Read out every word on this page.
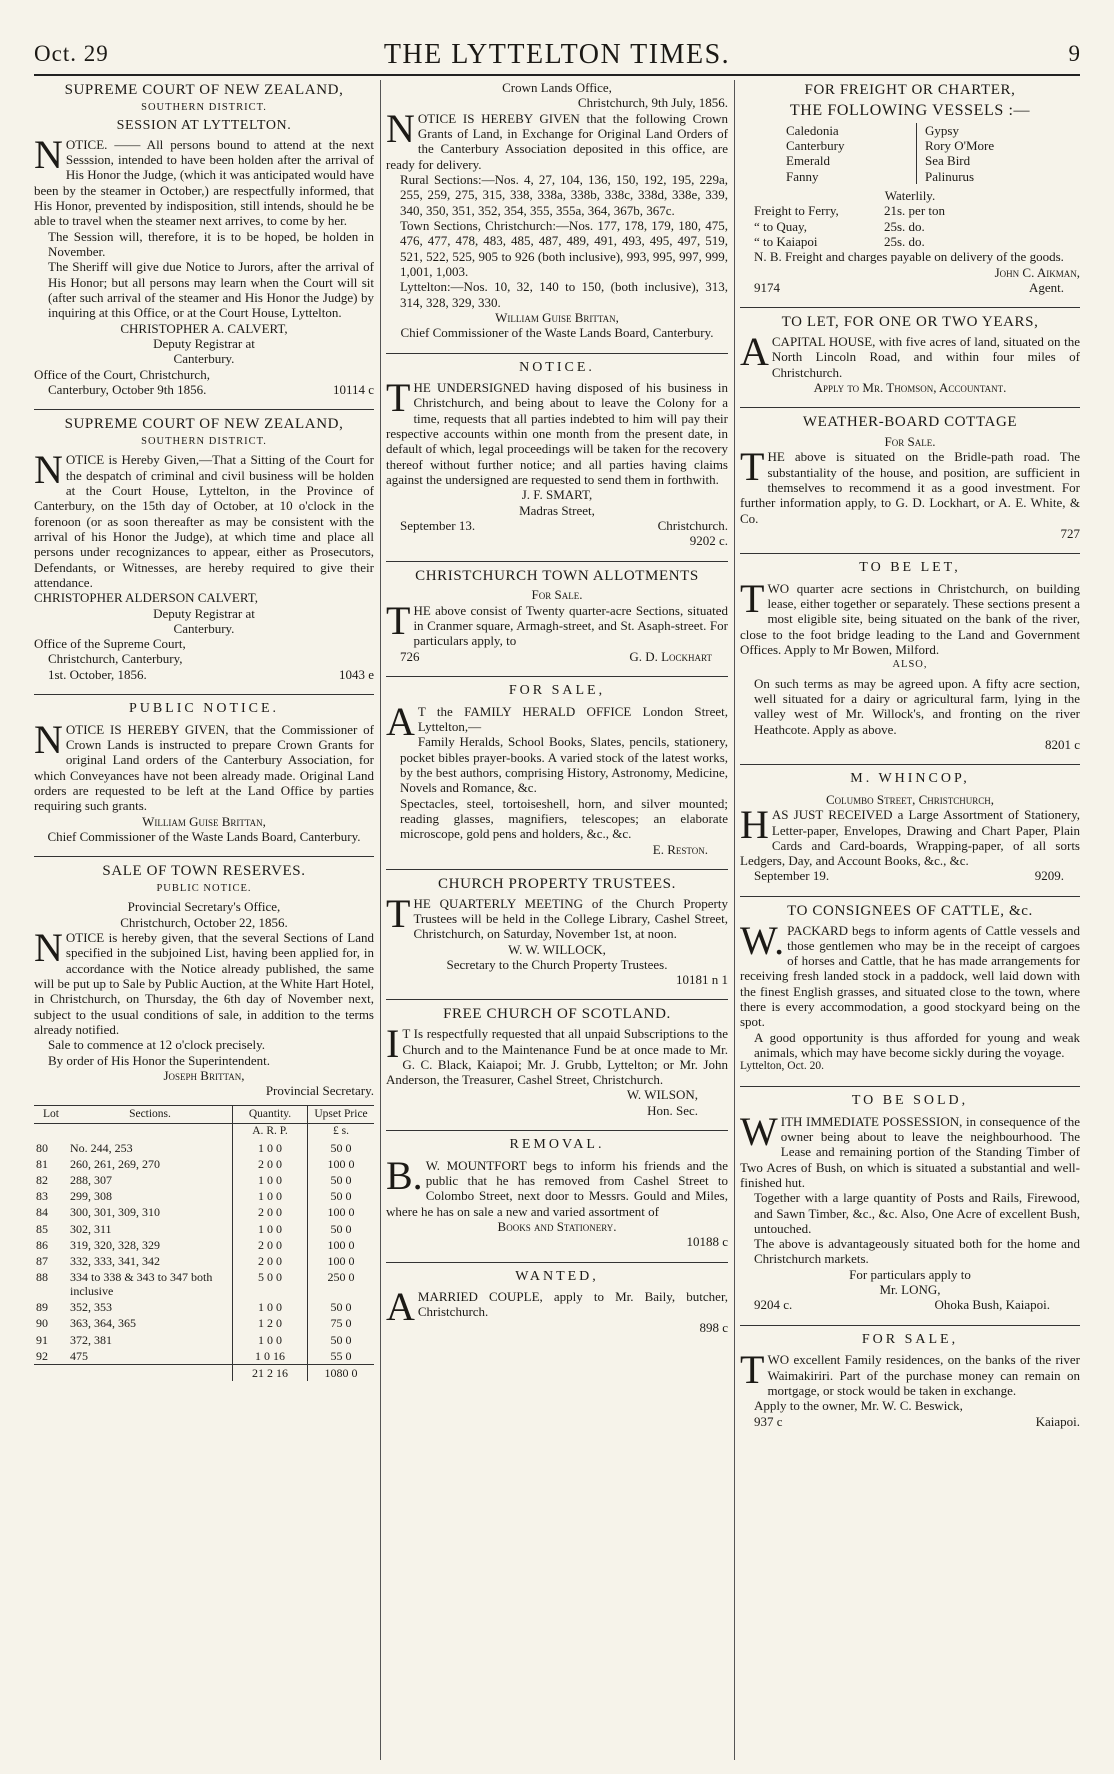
Oct. 29	THE LYTTELTON TIMES.	9
SUPREME COURT OF NEW ZEALAND,
SOUTHERN DISTRICT.
SESSION AT LYTTELTON.

NOTICE. —— All persons bound to attend at the next Sesssion, intended to have been holden after the arrival of His Honor the Judge, (which it was anticipated would have been by the steamer in October,) are respectfully informed, that His Honor, prevented by indisposition, still intends, should he be able to travel when the steamer next arrives, to come by her.

The Session will, therefore, it is to be hoped, be holden in November.

The Sheriff will give due Notice to Jurors, after the arrival of His Honor; but all persons may learn when the Court will sit (after such arrival of the steamer and His Honor the Judge) by inquiring at this Office, or at the Court House, Lyttelton.

CHRISTOPHER A. CALVERT,
Deputy Registrar at
Canterbury.
Office of the Court, Christchurch,
Canterbury, October 9th 1856.	10114 c
SUPREME COURT OF NEW ZEALAND,
SOUTHERN DISTRICT.

NOTICE is Hereby Given,—That a Sitting of the Court for the despatch of criminal and civil business will be holden at the Court House, Lyttelton, in the Province of Canterbury, on the 15th day of October, at 10 o'clock in the forenoon (or as soon thereafter as may be consistent with the arrival of his Honor the Judge), at which time and place all persons under recognizances to appear, either as Prosecutors, Defendants, or Witnesses, are hereby required to give their attendance.

CHRISTOPHER ALDERSON CALVERT,
Deputy Registrar at
Canterbury.
Office of the Supreme Court,
Christchurch, Canterbury,
1st. October, 1856.	1043 e
PUBLIC NOTICE.

NOTICE IS HEREBY GIVEN, that the Commissioner of Crown Lands is instructed to prepare Crown Grants for original Land orders of the Canterbury Association, for which Conveyances have not been already made. Original Land orders are requested to be left at the Land Office by parties requiring such grants.

William Guise Brittan,
Chief Commissioner of the Waste Lands Board, Canterbury.
SALE OF TOWN RESERVES.
PUBLIC NOTICE.
Provincial Secretary's Office,
Christchurch, October 22, 1856.

NOTICE is hereby given, that the several Sections of Land specified in the subjoined List, having been applied for, in accordance with the Notice already published, the same will be put up to Sale by Public Auction, at the White Hart Hotel, in Christchurch, on Thursday, the 6th day of November next, subject to the usual conditions of sale, in addition to the terms already notified.

Sale to commence at 12 o'clock precisely.

By order of His Honor the Superintendent.

Joseph Brittan,
Provincial Secretary.
Lot	Sections.	Quantity.	Upset Price
		A. R. P.	£ s.
80	No. 244, 253	1 0 0	50 0
81	260, 261, 269, 270	2 0 0	100 0
82	288, 307	1 0 0	50 0
83	299, 308	1 0 0	50 0
84	300, 301, 309, 310	2 0 0	100 0
85	302, 311	1 0 0	50 0
86	319, 320, 328, 329	2 0 0	100 0
87	332, 333, 341, 342	2 0 0	100 0
88	334 to 338 & 343 to 347 both inclusive	5 0 0	250 0
89	352, 353	1 0 0	50 0
90	363, 364, 365	1 2 0	75 0
91	372, 381	1 0 0	50 0
92	475	1 0 16	55 0
		21 2 16	1080 0
Crown Lands Office,
Christchurch, 9th July, 1856.

NOTICE IS HEREBY GIVEN that the following Crown Grants of Land, in Exchange for Original Land Orders of the Canterbury Association deposited in this office, are ready for delivery.

Rural Sections:—Nos. 4, 27, 104, 136, 150, 192, 195, 229a, 255, 259, 275, 315, 338, 338a, 338b, 338c, 338d, 338e, 339, 340, 350, 351, 352, 354, 355, 355a, 364, 367b, 367c.

Town Sections, Christchurch:—Nos. 177, 178, 179, 180, 475, 476, 477, 478, 483, 485, 487, 489, 491, 493, 495, 497, 519, 521, 522, 525, 905 to 926 (both inclusive), 993, 995, 997, 999, 1,001, 1,003.

Lyttelton:—Nos. 10, 32, 140 to 150, (both inclusive), 313, 314, 328, 329, 330.

William Guise Brittan,
Chief Commissioner of the Waste Lands Board, Canterbury.
NOTICE.

THE UNDERSIGNED having disposed of his business in Christchurch, and being about to leave the Colony for a time, requests that all parties indebted to him will pay their respective accounts within one month from the present date, in default of which, legal proceedings will be taken for the recovery thereof without further notice; and all parties having claims against the undersigned are requested to send them in forthwith.

J. F. SMART,
Madras Street,
September 13.	Christchurch.
9202 c.
CHRISTCHURCH TOWN ALLOTMENTS
For Sale.

THE above consist of Twenty quarter-acre Sections, situated in Cranmer square, Armagh-street, and St. Asaph-street. For particulars apply, to

726	G. D. Lockhart
FOR SALE,

AT the FAMILY HERALD OFFICE London Street, Lyttelton,—

Family Heralds, School Books, Slates, pencils, stationery, pocket bibles prayer-books. A varied stock of the latest works, by the best authors, comprising History, Astronomy, Medicine, Novels and Romance, &c.

Spectacles, steel, tortoiseshell, horn, and silver mounted; reading glasses, magnifiers, telescopes; an elaborate microscope, gold pens and holders, &c., &c.

E. Reston.
CHURCH PROPERTY TRUSTEES.

THE QUARTERLY MEETING of the Church Property Trustees will be held in the College Library, Cashel Street, Christchurch, on Saturday, November 1st, at noon.

W. W. WILLOCK,
Secretary to the Church Property Trustees.
10181 n 1
FREE CHURCH OF SCOTLAND.

IT Is respectfully requested that all unpaid Subscriptions to the Church and to the Maintenance Fund be at once made to Mr. G. C. Black, Kaiapoi; Mr. J. Grubb, Lyttelton; or Mr. John Anderson, the Treasurer, Cashel Street, Christchurch.

W. WILSON,
Hon. Sec.
REMOVAL.

B.W. MOUNTFORT begs to inform his friends and the public that he has removed from Cashel Street to Colombo Street, next door to Messrs. Gould and Miles, where he has on sale a new and varied assortment of

Books and Stationery.
10188 c
WANTED,

AMARRIED COUPLE, apply to Mr. Baily, butcher, Christchurch.

898 c
FOR FREIGHT OR CHARTER,
THE FOLLOWING VESSELS :—
Caledonia
Canterbury
Emerald
Fanny
Gypsy
Rory O'More
Sea Bird
Palinurus
Waterlily.
Freight to Ferry,	21s. per ton
“ to Quay,	25s. do.
“ to Kaiapoi	25s. do.

N. B. Freight and charges payable on delivery of the goods.

John C. Aikman,
9174	Agent.
TO LET, FOR ONE OR TWO YEARS,

ACAPITAL HOUSE, with five acres of land, situated on the North Lincoln Road, and within four miles of Christchurch.

Apply to Mr. Thomson, Accountant.
WEATHER-BOARD COTTAGE
For Sale.

THE above is situated on the Bridle-path road. The substantiality of the house, and position, are sufficient in themselves to recommend it as a good investment. For further information apply, to G. D. Lockhart, or A. E. White, & Co.

727
TO BE LET,

TWO quarter acre sections in Christchurch, on building lease, either together or separately. These sections present a most eligible site, being situated on the bank of the river, close to the foot bridge leading to the Land and Government Offices. Apply to Mr Bowen, Milford.

ALSO,

On such terms as may be agreed upon. A fifty acre section, well situated for a dairy or agricultural farm, lying in the valley west of Mr. Willock's, and fronting on the river Heathcote. Apply as above.

8201 c
M. WHINCOP,
Columbo Street, Christchurch,

HAS JUST RECEIVED a Large Assortment of Stationery, Letter-paper, Envelopes, Drawing and Chart Paper, Plain Cards and Card-boards, Wrapping-paper, of all sorts Ledgers, Day, and Account Books, &c., &c.

September 19.	9209.
TO CONSIGNEES OF CATTLE, &c.

W.PACKARD begs to inform agents of Cattle vessels and those gentlemen who may be in the receipt of cargoes of horses and Cattle, that he has made arrangements for receiving fresh landed stock in a paddock, well laid down with the finest English grasses, and situated close to the town, where there is every accommodation, a good stockyard being on the spot.

A good opportunity is thus afforded for young and weak animals, which may have become sickly during the voyage.

Lyttelton, Oct. 20.
TO BE SOLD,

WITH IMMEDIATE POSSESSION, in consequence of the owner being about to leave the neighbourhood. The Lease and remaining portion of the Standing Timber of Two Acres of Bush, on which is situated a substantial and well-finished hut.

Together with a large quantity of Posts and Rails, Firewood, and Sawn Timber, &c., &c. Also, One Acre of excellent Bush, untouched.

The above is advantageously situated both for the home and Christchurch markets.

For particulars apply to
Mr. LONG,
9204 c.	Ohoka Bush, Kaiapoi.
FOR SALE,

TWO excellent Family residences, on the banks of the river Waimakiriri. Part of the purchase money can remain on mortgage, or stock would be taken in exchange.

Apply to the owner, Mr. W. C. Beswick,
937 c	Kaiapoi.
